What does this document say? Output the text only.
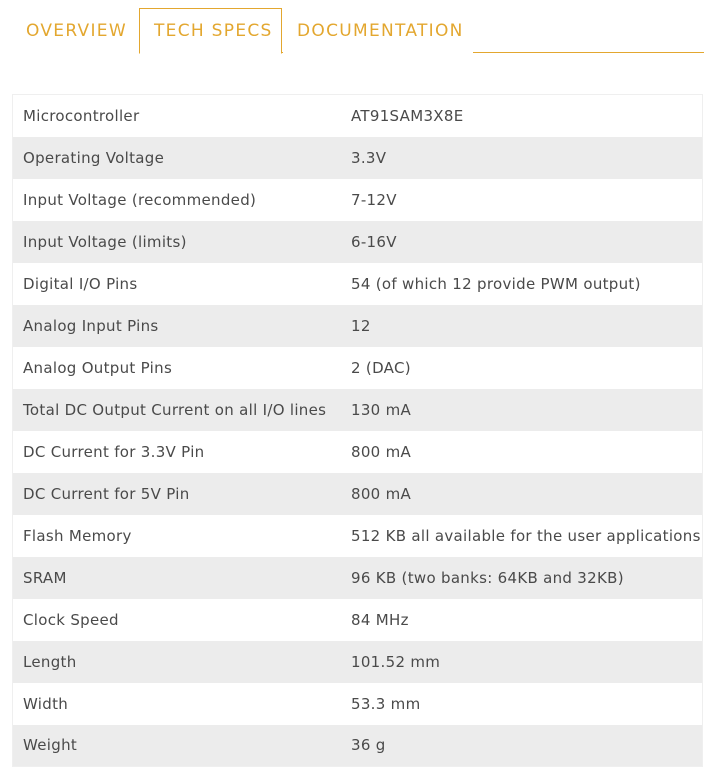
OVERVIEW	TECH SPECS	DOCUMENTATION
Microcontroller	AT91SAM3X8E
Operating Voltage	3.3V
Input Voltage (recommended)	7-12V
Input Voltage (limits)	6-16V
Digital I/O Pins	54 (of which 12 provide PWM output)
Analog Input Pins	12
Analog Output Pins	2 (DAC)
Total DC Output Current on all I/O lines	130 mA
DC Current for 3.3V Pin	800 mA
DC Current for 5V Pin	800 mA
Flash Memory	512 KB all available for the user applications
SRAM	96 KB (two banks: 64KB and 32KB)
Clock Speed	84 MHz
Length	101.52 mm
Width	53.3 mm
Weight	36 g
